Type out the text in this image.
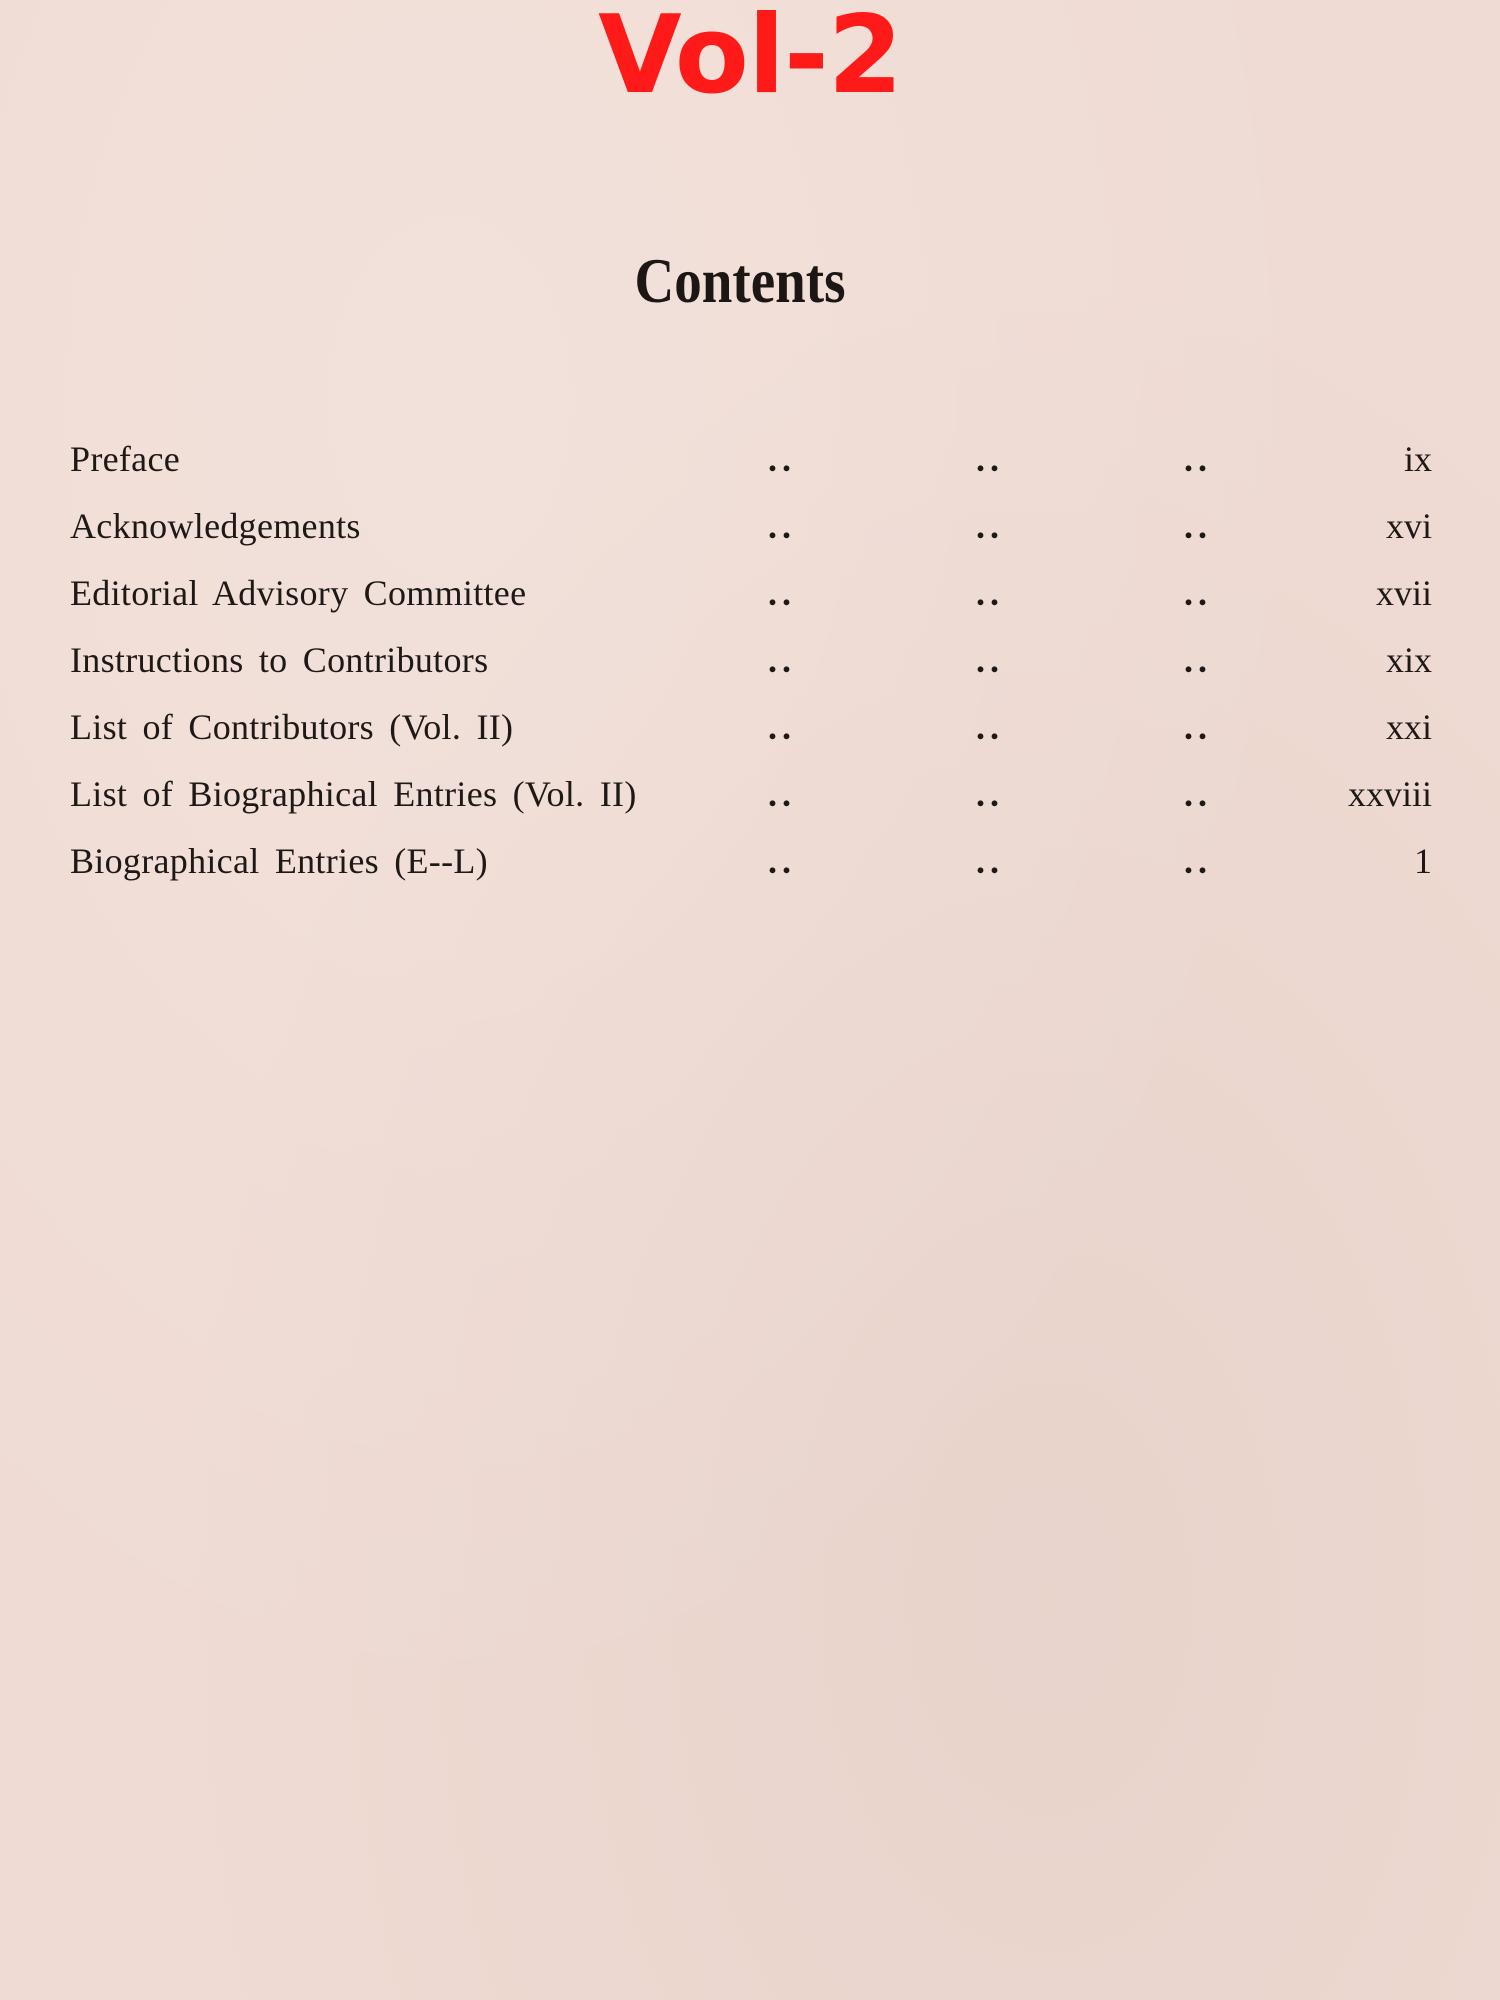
Vol-2
Contents
Preface	..	..	..	ix
Acknowledgements	..	..	..	xvi
Editorial Advisory Committee	..	..	..	xvii
Instructions to Contributors	..	..	..	xix
List of Contributors (Vol. II)	..	..	..	xxi
List of Biographical Entries (Vol. II)	..	..	..	xxviii
Biographical Entries (E--L)	..	..	..	1
